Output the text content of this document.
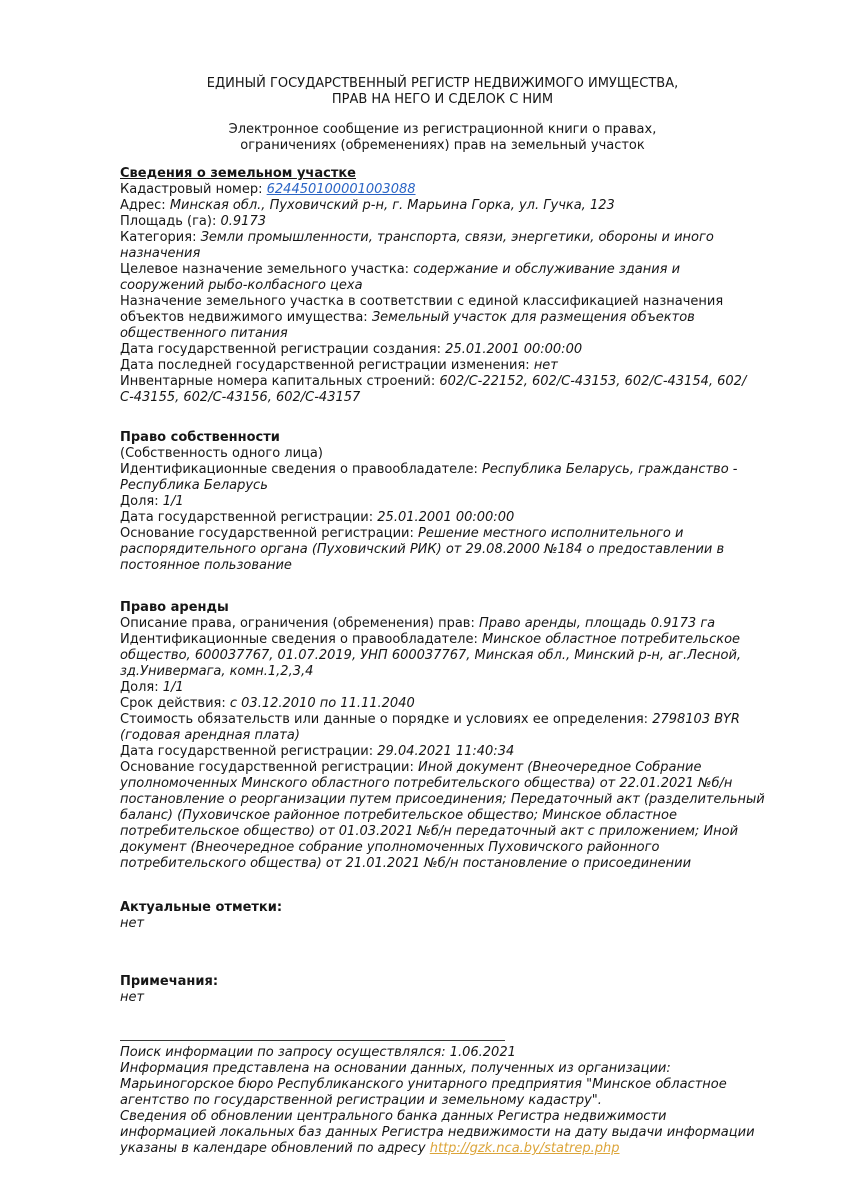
ЕДИНЫЙ ГОСУДАРСТВЕННЫЙ РЕГИСТР НЕДВИЖИМОГО ИМУЩЕСТВА,
ПРАВ НА НЕГО И СДЕЛОК С НИМ
Электронное сообщение из регистрационной книги о правах,
ограничениях (обременениях) прав на земельный участок
Сведения о земельном участке

Кадастровый номер: 624450100001003088

Адрес: Минская обл., Пуховичский р-н, г. Марьина Горка, ул. Гучка, 123

Площадь (га): 0.9173

Категория: Земли промышленности, транспорта, связи, энергетики, обороны и иного назначения

Целевое назначение земельного участка: содержание и обслуживание здания и сооружений рыбо-колбасного цеха

Назначение земельного участка в соответствии с единой классификацией назначения объектов недвижимого имущества: Земельный участок для размещения объектов общественного питания

Дата государственной регистрации создания: 25.01.2001 00:00:00

Дата последней государственной регистрации изменения: нет

Инвентарные номера капитальных строений: 602/С-22152, 602/С-43153, 602/С-43154, 602/С-43155, 602/С-43156, 602/С-43157

Право собственности

(Собственность одного лица)

Идентификационные сведения о правообладателе: Республика Беларусь, гражданство - Республика Беларусь

Доля: 1/1

Дата государственной регистрации: 25.01.2001 00:00:00

Основание государственной регистрации: Решение местного исполнительного и распорядительного органа (Пуховичский РИК) от 29.08.2000 №184 о предоставлении в постоянное пользование

Право аренды

Описание права, ограничения (обременения) прав: Право аренды, площадь 0.9173 га

Идентификационные сведения о правообладателе: Минское областное потребительское общество, 600037767, 01.07.2019, УНП 600037767, Минская обл., Минский р-н, аг.Лесной, зд.Универмага, комн.1,2,3,4

Доля: 1/1

Срок действия: с 03.12.2010 по 11.11.2040

Стоимость обязательств или данные о порядке и условиях ее определения: 2798103 BYR (годовая арендная плата)

Дата государственной регистрации: 29.04.2021 11:40:34

Основание государственной регистрации: Иной документ (Внеочередное Собрание уполномоченных Минского областного потребительского общества) от 22.01.2021 №б/н постановление о реорганизации путем присоединения; Передаточный акт (разделительный баланс) (Пуховичское районное потребительское общество; Минское областное потребительское общество) от 01.03.2021 №б/н передаточный акт с приложением; Иной документ (Внеочередное собрание уполномоченных Пуховичского районного потребительского общества) от 21.01.2021 №б/н постановление о присоединении

Актуальные отметки:

нет

Примечания:

нет

Поиск информации по запросу осуществлялся: 1.06.2021

Информация представлена на основании данных, полученных из организации: Марьиногорское бюро Республиканского унитарного предприятия "Минское областное агентство по государственной регистрации и земельному кадастру".

Сведения об обновлении центрального банка данных Регистра недвижимости информацией локальных баз данных Регистра недвижимости на дату выдачи информации указаны в календаре обновлений по адресу http://gzk.nca.by/statrep.php
